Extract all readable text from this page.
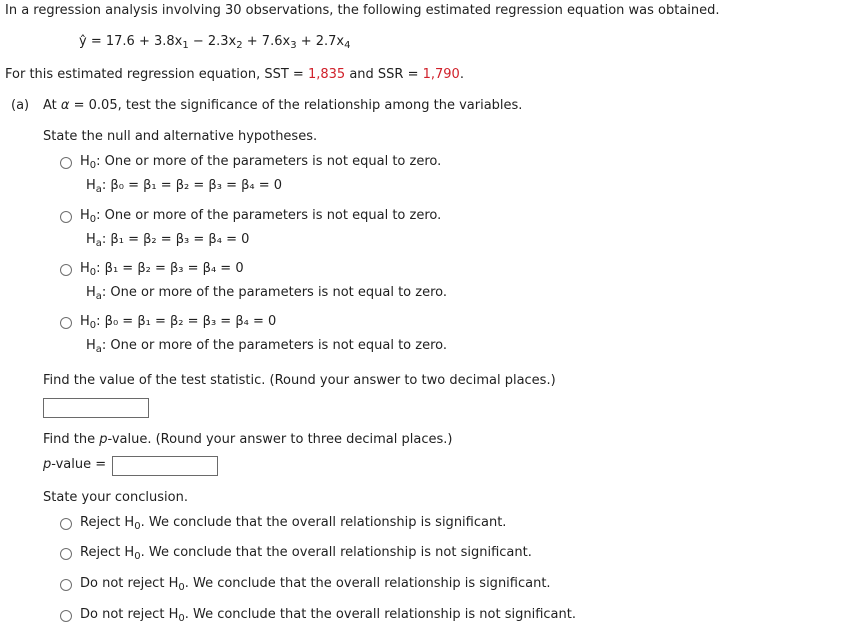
In a regression analysis involving 30 observations, the following estimated regression equation was obtained.
ŷ = $17.6 + 3.8x_1 - 2.3x_2 + 7.6x_3 + 2.7x_4$
For this estimated regression equation, SST = 1,835 and SSR = 1,790.
(a) At α = 0.05, test the significance of the relationship among the variables.
State the null and alternative hypotheses.
$H_0$: One or more of the parameters is not equal to zero.
$H_a$: β₀ = β₁ = β₂ = β₃ = β₄ = 0
$H_0$: One or more of the parameters is not equal to zero.
$H_a$: β₁ = β₂ = β₃ = β₄ = 0
$H_0$: β₁ = β₂ = β₃ = β₄ = 0
$H_a$: One or more of the parameters is not equal to zero.
$H_0$: β₀ = β₁ = β₂ = β₃ = β₄ = 0
$H_a$: One or more of the parameters is not equal to zero.
Find the value of the test statistic. (Round your answer to two decimal places.)
Find the p-value. (Round your answer to three decimal places.)
p-value =
State your conclusion.
Reject $H_0$. We conclude that the overall relationship is significant.
Reject $H_0$. We conclude that the overall relationship is not significant.
Do not reject $H_0$. We conclude that the overall relationship is significant.
Do not reject $H_0$. We conclude that the overall relationship is not significant.
